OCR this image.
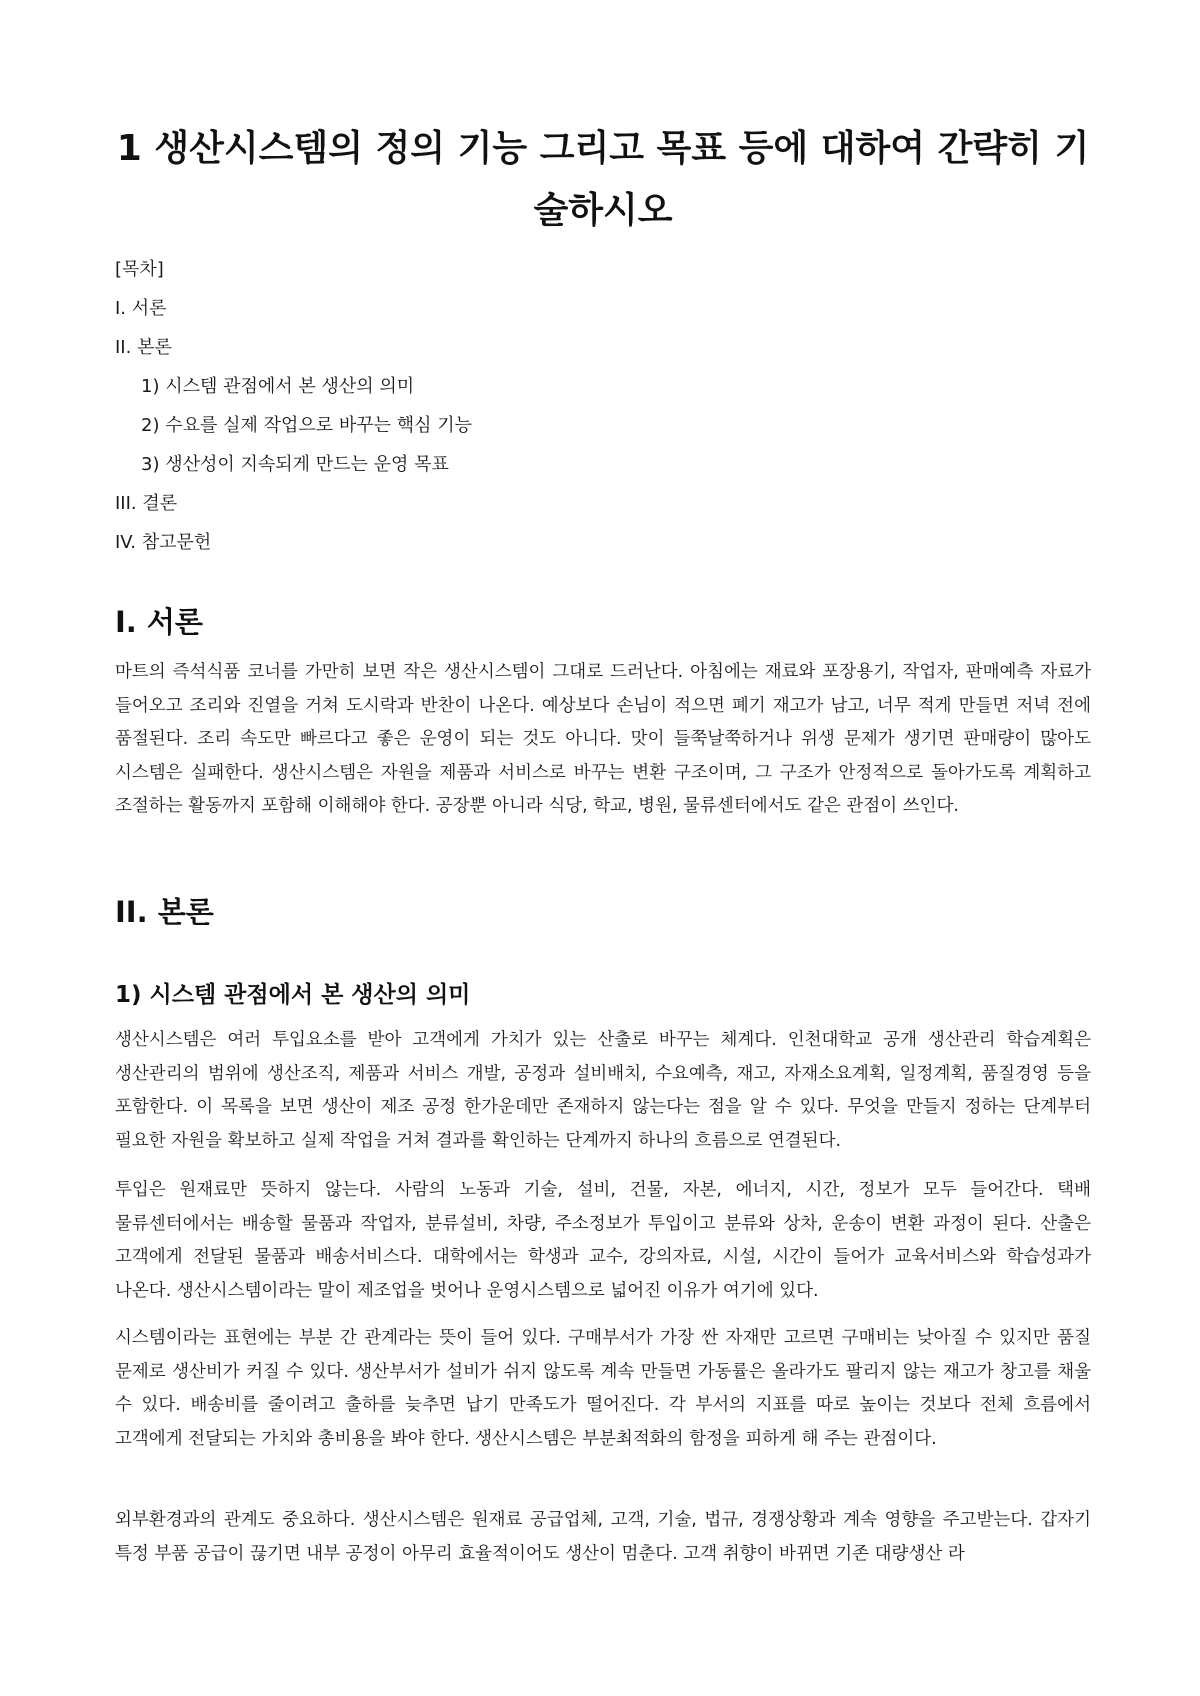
1 생산시스템의 정의 기능 그리고 목표 등에 대하여 간략히 기술하시오
[목차]
I. 서론
II. 본론
1) 시스템 관점에서 본 생산의 의미
2) 수요를 실제 작업으로 바꾸는 핵심 기능
3) 생산성이 지속되게 만드는 운영 목표
III. 결론
IV. 참고문헌
I. 서론

마트의 즉석식품 코너를 가만히 보면 작은 생산시스템이 그대로 드러난다. 아침에는 재료와 포장용기, 작업자, 판매예측 자료가 들어오고 조리와 진열을 거쳐 도시락과 반찬이 나온다. 예상보다 손님이 적으면 폐기 재고가 남고, 너무 적게 만들면 저녁 전에 품절된다. 조리 속도만 빠르다고 좋은 운영이 되는 것도 아니다. 맛이 들쭉날쭉하거나 위생 문제가 생기면 판매량이 많아도 시스템은 실패한다. 생산시스템은 자원을 제품과 서비스로 바꾸는 변환 구조이며, 그 구조가 안정적으로 돌아가도록 계획하고 조절하는 활동까지 포함해 이해해야 한다. 공장뿐 아니라 식당, 학교, 병원, 물류센터에서도 같은 관점이 쓰인다.

II. 본론
1) 시스템 관점에서 본 생산의 의미

생산시스템은 여러 투입요소를 받아 고객에게 가치가 있는 산출로 바꾸는 체계다. 인천대학교 공개 생산관리 학습계획은 생산관리의 범위에 생산조직, 제품과 서비스 개발, 공정과 설비배치, 수요예측, 재고, 자재소요계획, 일정계획, 품질경영 등을 포함한다. 이 목록을 보면 생산이 제조 공정 한가운데만 존재하지 않는다는 점을 알 수 있다. 무엇을 만들지 정하는 단계부터 필요한 자원을 확보하고 실제 작업을 거쳐 결과를 확인하는 단계까지 하나의 흐름으로 연결된다.

투입은 원재료만 뜻하지 않는다. 사람의 노동과 기술, 설비, 건물, 자본, 에너지, 시간, 정보가 모두 들어간다. 택배 물류센터에서는 배송할 물품과 작업자, 분류설비, 차량, 주소정보가 투입이고 분류와 상차, 운송이 변환 과정이 된다. 산출은 고객에게 전달된 물품과 배송서비스다. 대학에서는 학생과 교수, 강의자료, 시설, 시간이 들어가 교육서비스와 학습성과가 나온다. 생산시스템이라는 말이 제조업을 벗어나 운영시스템으로 넓어진 이유가 여기에 있다.

시스템이라는 표현에는 부분 간 관계라는 뜻이 들어 있다. 구매부서가 가장 싼 자재만 고르면 구매비는 낮아질 수 있지만 품질 문제로 생산비가 커질 수 있다. 생산부서가 설비가 쉬지 않도록 계속 만들면 가동률은 올라가도 팔리지 않는 재고가 창고를 채울 수 있다. 배송비를 줄이려고 출하를 늦추면 납기 만족도가 떨어진다. 각 부서의 지표를 따로 높이는 것보다 전체 흐름에서 고객에게 전달되는 가치와 총비용을 봐야 한다. 생산시스템은 부분최적화의 함정을 피하게 해 주는 관점이다.

외부환경과의 관계도 중요하다. 생산시스템은 원재료 공급업체, 고객, 기술, 법규, 경쟁상황과 계속 영향을 주고받는다. 갑자기 특정 부품 공급이 끊기면 내부 공정이 아무리 효율적이어도 생산이 멈춘다. 고객 취향이 바뀌면 기존 대량생산 라
